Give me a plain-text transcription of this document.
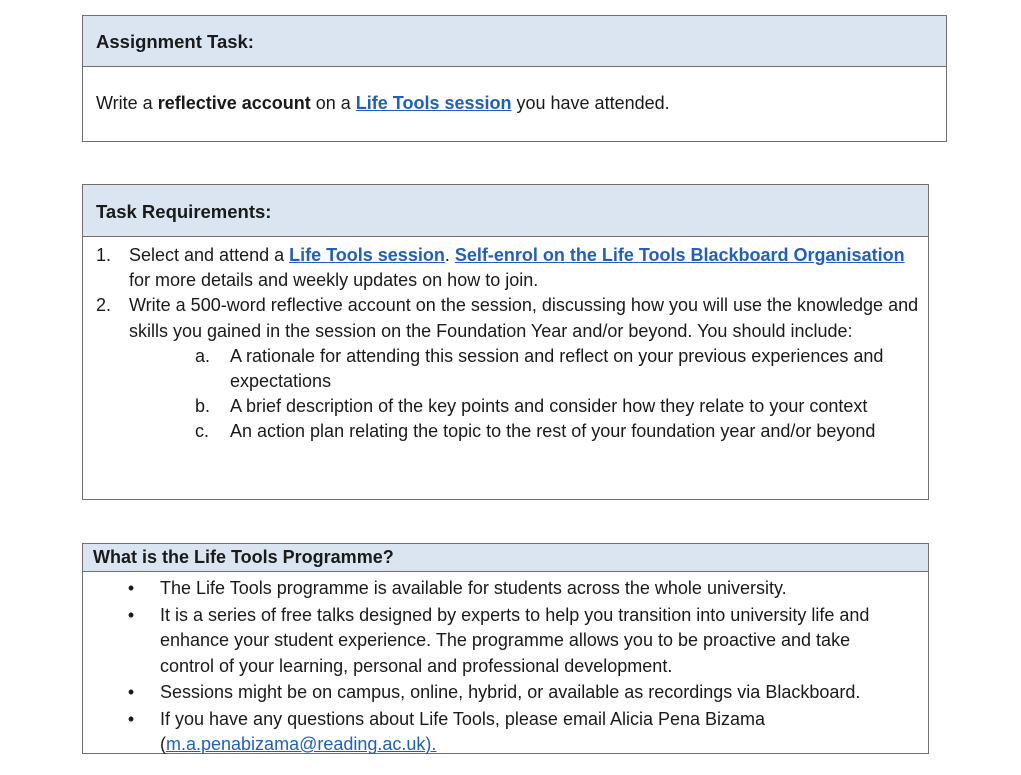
Assignment Task:
Write a reflective account on a Life Tools session you have attended.
Task Requirements:
1. Select and attend a Life Tools session. Self-enrol on the Life Tools Blackboard Organisation for more details and weekly updates on how to join.
2. Write a 500-word reflective account on the session, discussing how you will use the knowledge and skills you gained in the session on the Foundation Year and/or beyond. You should include:
a.	A rationale for attending this session and reflect on your previous experiences and expectations
b.	A brief description of the key points and consider how they relate to your context
c.	An action plan relating the topic to the rest of your foundation year and/or beyond
What is the Life Tools Programme?
•	The Life Tools programme is available for students across the whole university.
•	It is a series of free talks designed by experts to help you transition into university life and enhance your student experience. The programme allows you to be proactive and take control of your learning, personal and professional development.
•	Sessions might be on campus, online, hybrid, or available as recordings via Blackboard.
•	If you have any questions about Life Tools, please email Alicia Pena Bizama (m.a.penabizama@reading.ac.uk).
